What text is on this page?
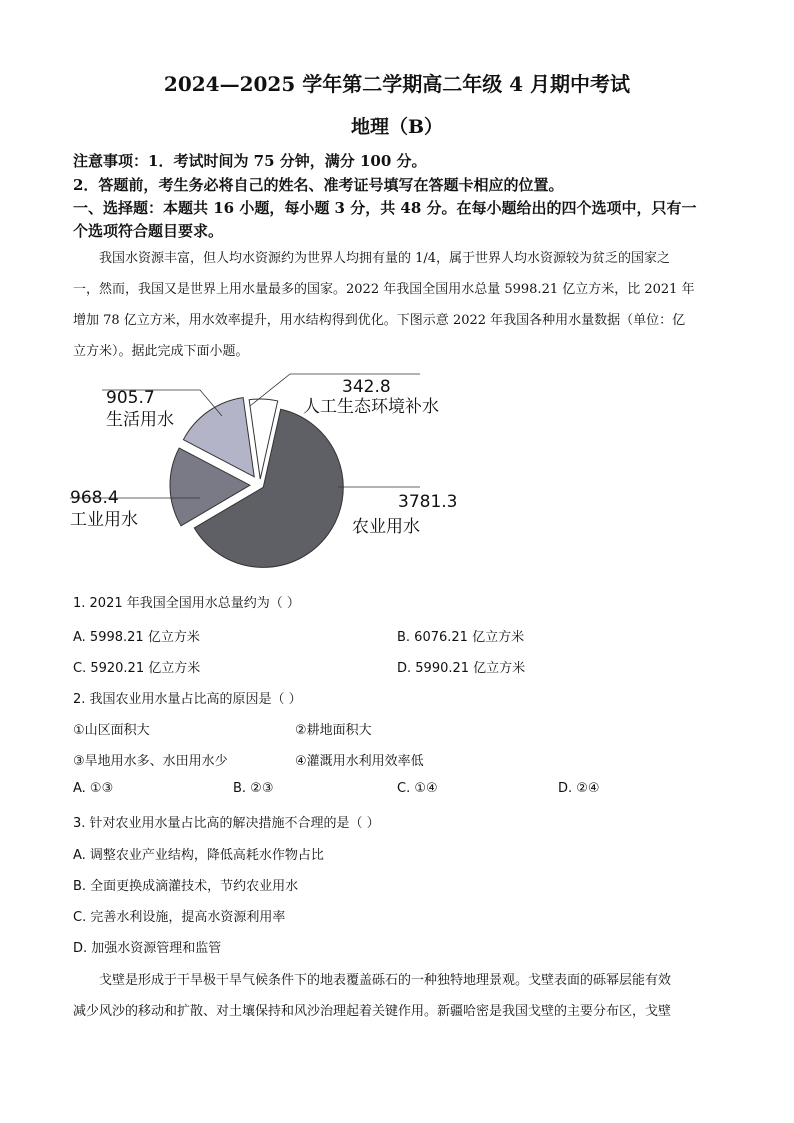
2024—2025 学年第二学期高二年级 4 月期中考试
地理（B）
注意事项：1．考试时间为 75 分钟，满分 100 分。
2．答题前，考生务必将自己的姓名、准考证号填写在答题卡相应的位置。
一、选择题：本题共 16 小题，每小题 3 分，共 48 分。在每小题给出的四个选项中，只有一
个选项符合题目要求。
我国水资源丰富，但人均水资源约为世界人均拥有量的 1/4，属于世界人均水资源较为贫乏的国家之
一，然而，我国又是世界上用水量最多的国家。2022 年我国全国用水总量 5998.21 亿立方米，比 2021 年
增加 78 亿立方米，用水效率提升，用水结构得到优化。下图示意 2022 年我国各种用水量数据（单位：亿
立方米）。据此完成下面小题。
3781.3
农业用水
968.4
工业用水
905.7
生活用水
342.8
人工生态环境补水
1. 2021 年我国全国用水总量约为（ ）
A. 5998.21 亿立方米	B. 6076.21 亿立方米
C. 5920.21 亿立方米	D. 5990.21 亿立方米
2. 我国农业用水量占比高的原因是（ ）
①山区面积大	②耕地面积大
③旱地用水多、水田用水少	④灌溉用水利用效率低
A. ①③	B. ②③	C. ①④	D. ②④
3. 针对农业用水量占比高的解决措施不合理的是（ ）
A. 调整农业产业结构，降低高耗水作物占比
B. 全面更换成滴灌技术，节约农业用水
C. 完善水利设施，提高水资源利用率
D. 加强水资源管理和监管
戈壁是形成于干旱极干旱气候条件下的地表覆盖砾石的一种独特地理景观。戈壁表面的砾幂层能有效
减少风沙的移动和扩散、对土壤保持和风沙治理起着关键作用。新疆哈密是我国戈壁的主要分布区，戈壁
